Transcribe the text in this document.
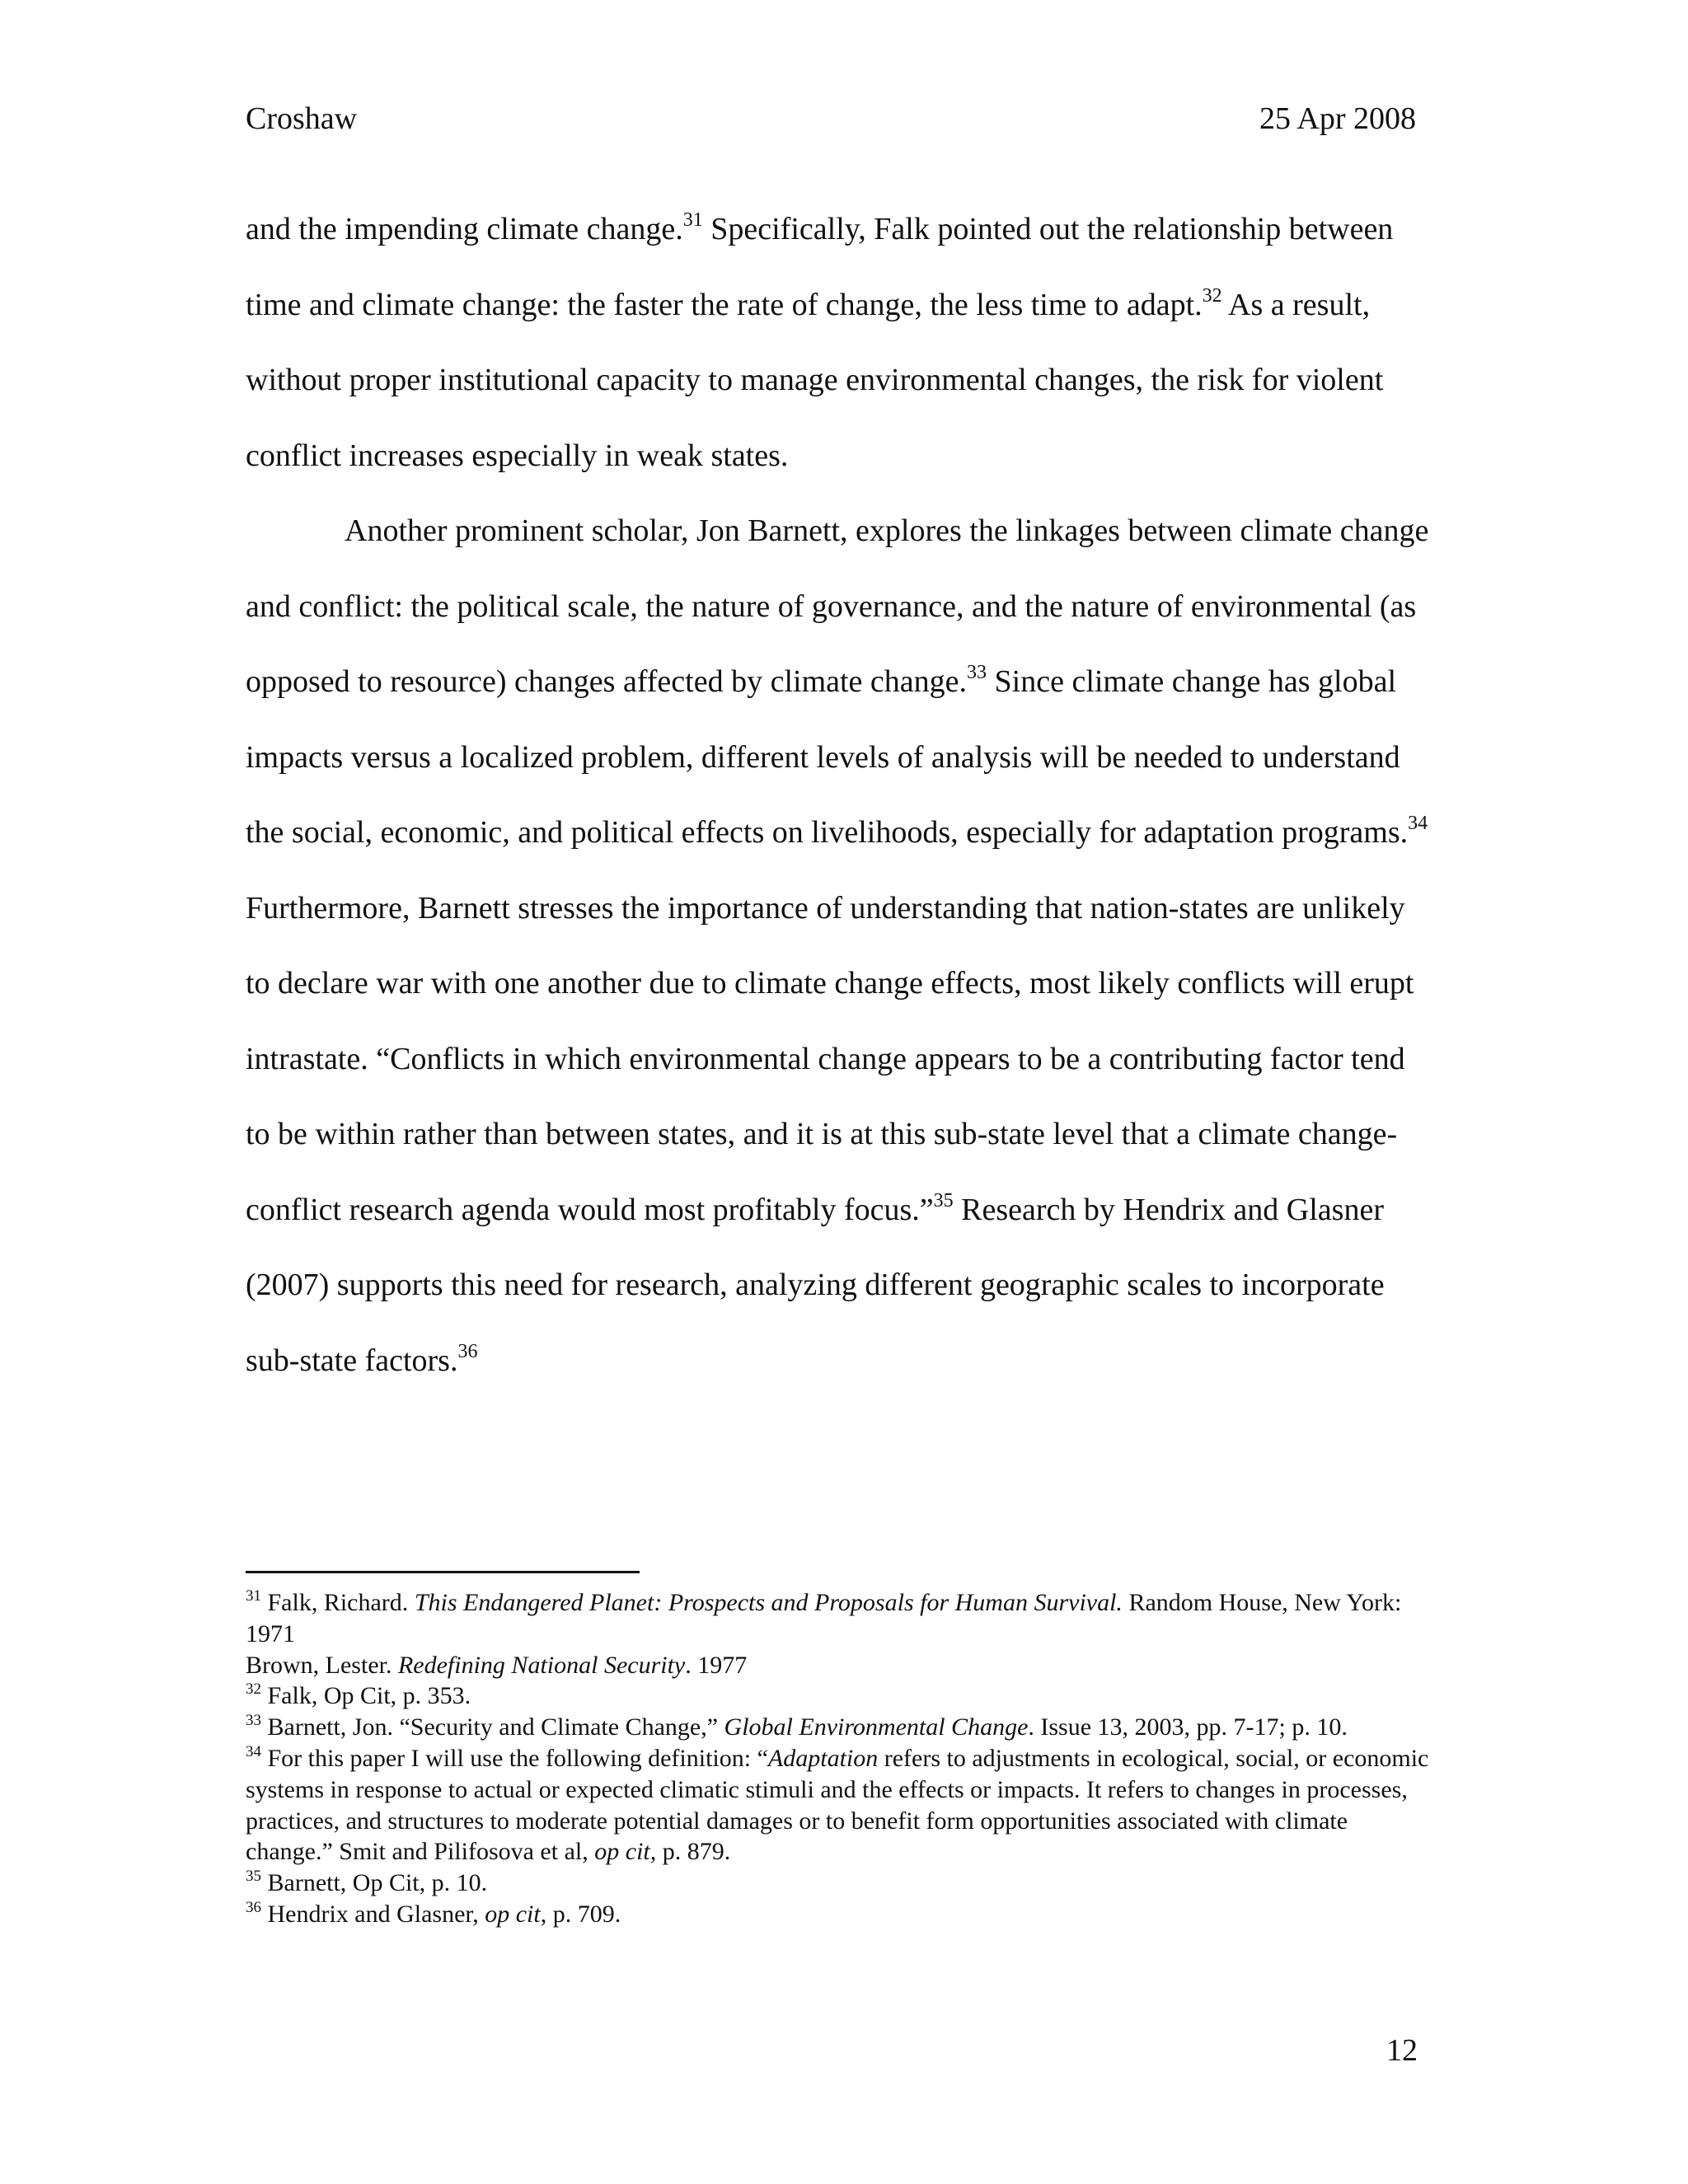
Croshaw	25 Apr 2008

and the impending climate change.$^{31}$ Specifically, Falk pointed out the relationship between time and climate change: the faster the rate of change, the less time to adapt.$^{32}$ As a result, without proper institutional capacity to manage environmental changes, the risk for violent conflict increases especially in weak states.

Another prominent scholar, Jon Barnett, explores the linkages between climate change and conflict: the political scale, the nature of governance, and the nature of environmental (as opposed to resource) changes affected by climate change.$^{33}$ Since climate change has global impacts versus a localized problem, different levels of analysis will be needed to understand the social, economic, and political effects on livelihoods, especially for adaptation programs.$^{34}$ Furthermore, Barnett stresses the importance of understanding that nation-states are unlikely to declare war with one another due to climate change effects, most likely conflicts will erupt intrastate. “Conflicts in which environmental change appears to be a contributing factor tend to be within rather than between states, and it is at this sub-state level that a climate change-conflict research agenda would most profitably focus.”$^{35}$ Research by Hendrix and Glasner (2007) supports this need for research, analyzing different geographic scales to incorporate sub-state factors.$^{36}$

$^{31}$ Falk, Richard. This Endangered Planet: Prospects and Proposals for Human Survival. Random House, New York: 1971

Brown, Lester. Redefining National Security. 1977

$^{32}$ Falk, Op Cit, p. 353.

$^{33}$ Barnett, Jon. “Security and Climate Change,” Global Environmental Change. Issue 13, 2003, pp. 7-17; p. 10.

$^{34}$ For this paper I will use the following definition: “Adaptation refers to adjustments in ecological, social, or economic systems in response to actual or expected climatic stimuli and the effects or impacts. It refers to changes in processes, practices, and structures to moderate potential damages or to benefit form opportunities associated with climate change.” Smit and Pilifosova et al, op cit, p. 879.

$^{35}$ Barnett, Op Cit, p. 10.

$^{36}$ Hendrix and Glasner, op cit, p. 709.

12
